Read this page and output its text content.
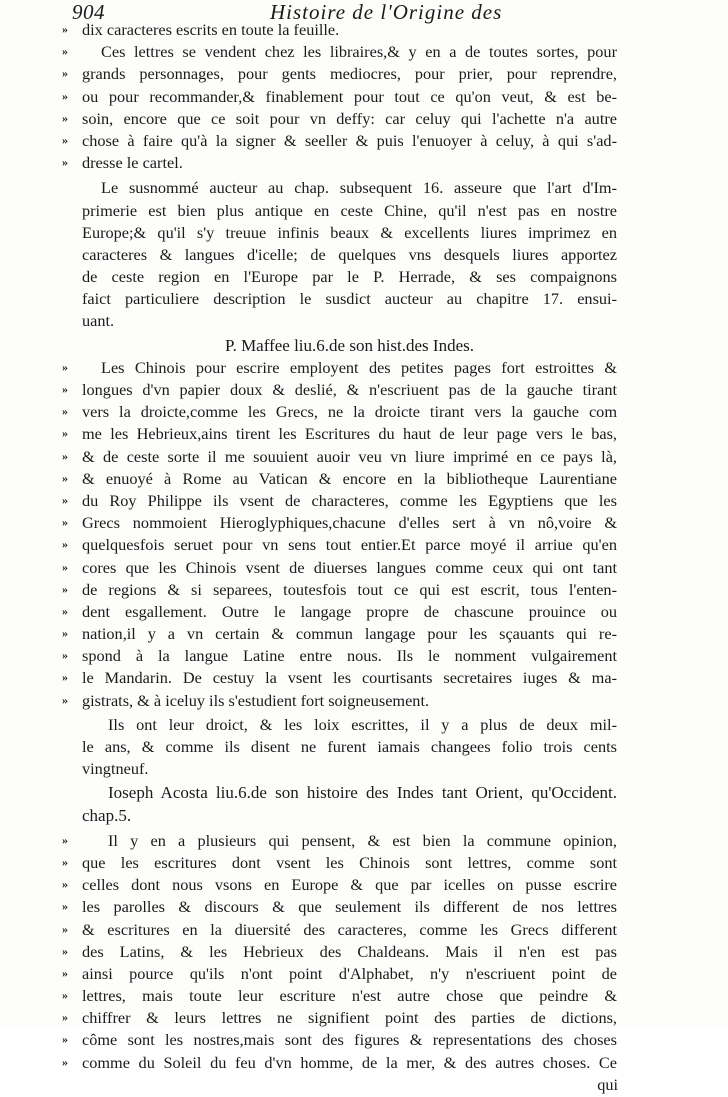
904	Histoire de l'Origine des
» dix caracteres escrits en toute la feuille.
» Ces lettres se vendent chez les libraires,& y en a de toutes sortes, pour
» grands personnages, pour gents mediocres, pour prier, pour reprendre,
» ou pour recommander,& finablement pour tout ce qu'on veut, & est be-
» soin, encore que ce soit pour vn deffy: car celuy qui l'achette n'a autre
» chose à faire qu'à la signer & seeller & puis l'enuoyer à celuy, à qui s'ad-
» dresse le cartel.
Le susnommé aucteur au chap. subsequent 16. asseure que l'art d'Im-
primerie est bien plus antique en ceste Chine, qu'il n'est pas en nostre
Europe;& qu'il s'y treuue infinis beaux & excellents liures imprimez en
caracteres & langues d'icelle; de quelques vns desquels liures apportez
de ceste region en l'Europe par le P. Herrade, & ses compaignons
faict particuliere description le susdict aucteur au chapitre 17. ensui-
uant.
P. Maffee liu.6.de son hist.des Indes.
» Les Chinois pour escrire employent des petites pages fort estroittes &
» longues d'vn papier doux & deslié, & n'escriuent pas de la gauche tirant
» vers la droicte,comme les Grecs, ne la droicte tirant vers la gauche com
» me les Hebrieux,ains tirent les Escritures du haut de leur page vers le bas,
» & de ceste sorte il me souuient auoir veu vn liure imprimé en ce pays là,
» & enuoyé à Rome au Vatican & encore en la bibliotheque Laurentiane
» du Roy Philippe ils vsent de characteres, comme les Egyptiens que les
» Grecs nommoient Hieroglyphiques,chacune d'elles sert à vn nô,voire &
» quelquesfois seruet pour vn sens tout entier.Et parce moyé il arriue qu'en
» cores que les Chinois vsent de diuerses langues comme ceux qui ont tant
» de regions & si separees, toutesfois tout ce qui est escrit, tous l'enten-
» dent esgallement. Outre le langage propre de chascune prouince ou
» nation,il y a vn certain & commun langage pour les sçauants qui re-
» spond à la langue Latine entre nous. Ils le nomment vulgairement
» le Mandarin. De cestuy la vsent les courtisants secretaires iuges & ma-
» gistrats, & à iceluy ils s'estudient fort soigneusement.
Ils ont leur droict, & les loix escrittes, il y a plus de deux mil-
le ans, & comme ils disent ne furent iamais changees folio trois cents
vingtneuf.
Ioseph Acosta liu.6.de son histoire des Indes tant Orient, qu'Occident.
chap.5.
»	Il y en a plusieurs qui pensent, & est bien la commune opinion,
» que les escritures dont vsent les Chinois sont lettres, comme sont
» celles dont nous vsons en Europe & que par icelles on pusse escrire
» les parolles & discours & que seulement ils different de nos lettres
» & escritures en la diuersité des caracteres, comme les Grecs different
» des Latins, & les Hebrieux des Chaldeans. Mais il n'en est pas
» ainsi pource qu'ils n'ont point d'Alphabet, n'y n'escriuent point de
» lettres, mais toute leur escriture n'est autre chose que peindre &
» chiffrer & leurs lettres ne signifient point des parties de dictions,
» côme sont les nostres,mais sont des figures & representations des choses
» comme du Soleil du feu d'vn homme, de la mer, & des autres choses. Ce
qui
